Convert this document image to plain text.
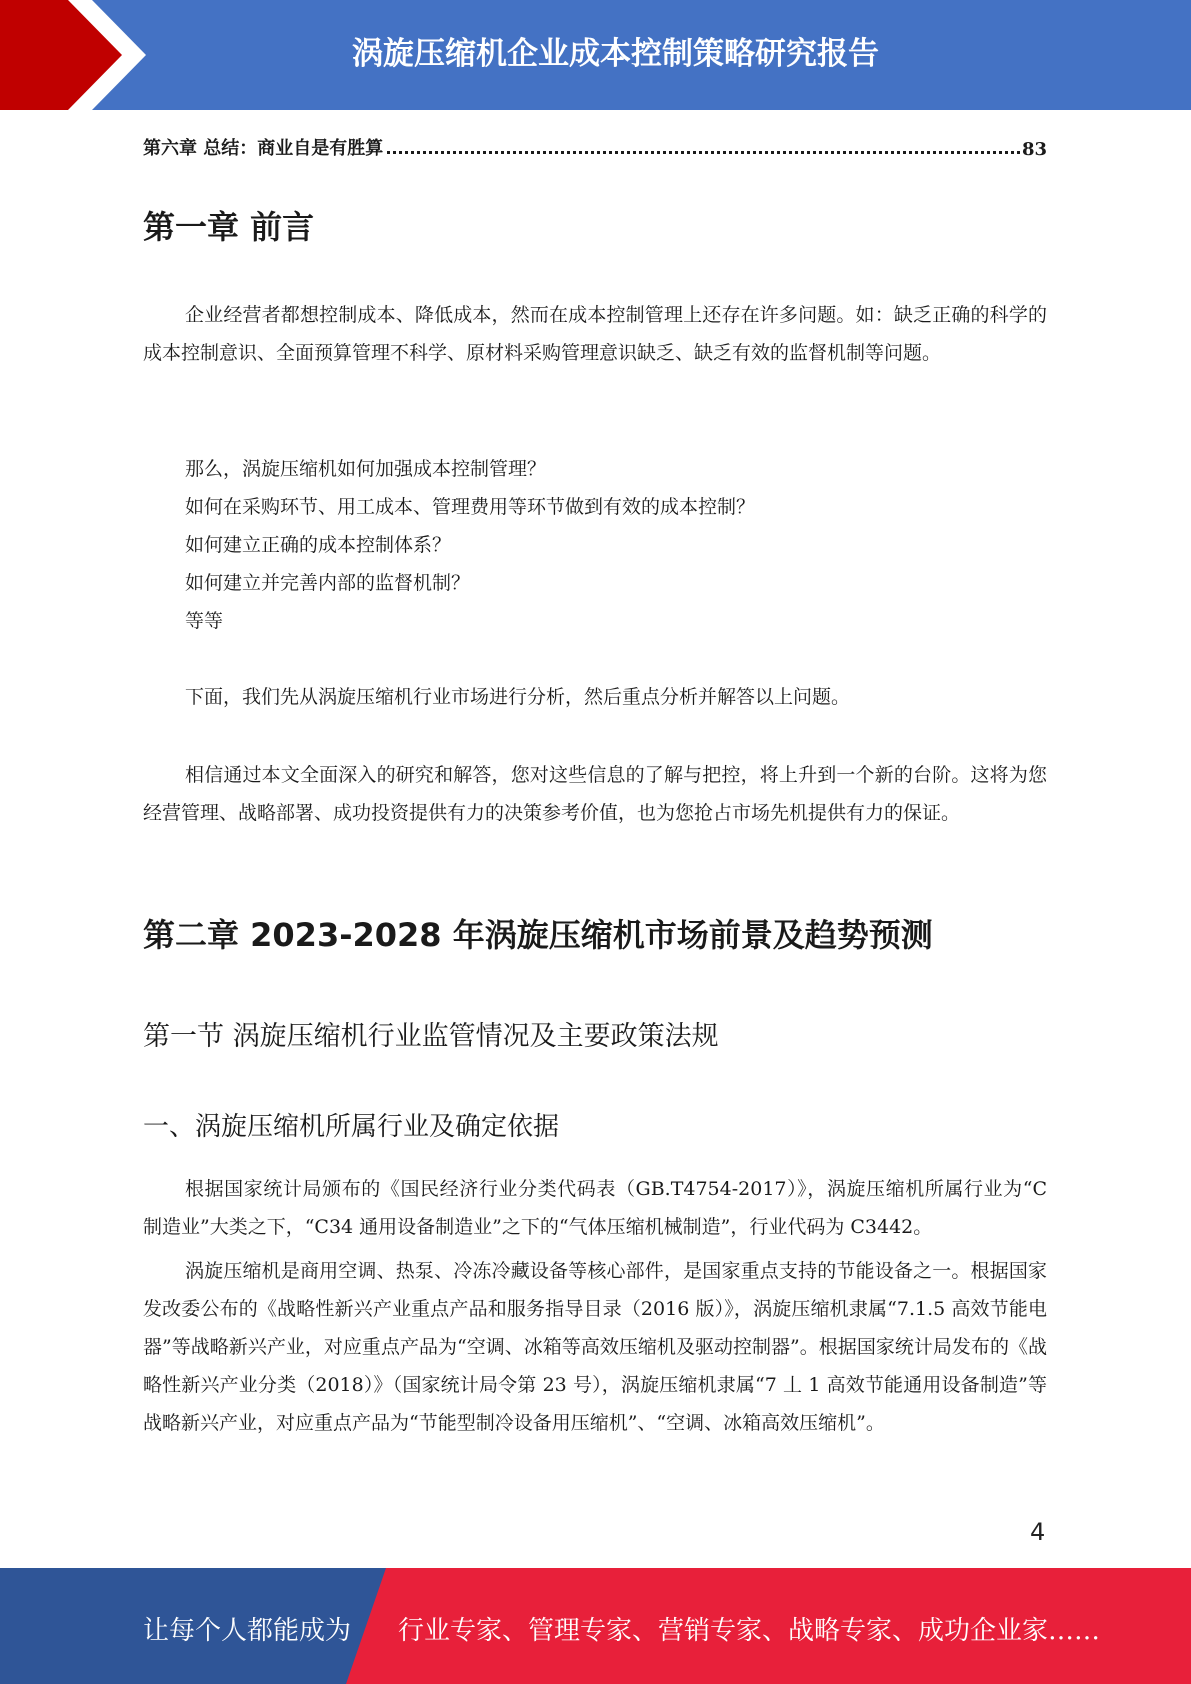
涡旋压缩机企业成本控制策略研究报告
第六章 总结：商业自是有胜算	83
第一章 前言
企业经营者都想控制成本、降低成本，然而在成本控制管理上还存在许多问题。如：缺乏正确的科学的成本控制意识、全面预算管理不科学、原材料采购管理意识缺乏、缺乏有效的监督机制等问题。
那么，涡旋压缩机如何加强成本控制管理？
如何在采购环节、用工成本、管理费用等环节做到有效的成本控制？
如何建立正确的成本控制体系？
如何建立并完善内部的监督机制？
等等
下面，我们先从涡旋压缩机行业市场进行分析，然后重点分析并解答以上问题。
相信通过本文全面深入的研究和解答，您对这些信息的了解与把控，将上升到一个新的台阶。这将为您经营管理、战略部署、成功投资提供有力的决策参考价值，也为您抢占市场先机提供有力的保证。
第二章 2023-2028 年涡旋压缩机市场前景及趋势预测
第一节 涡旋压缩机行业监管情况及主要政策法规
一、涡旋压缩机所属行业及确定依据
根据国家统计局颁布的《国民经济行业分类代码表（GB.T4754-2017）》，涡旋压缩机所属行业为“C 制造业”大类之下，“C34 通用设备制造业”之下的“气体压缩机械制造”，行业代码为 C3442。
涡旋压缩机是商用空调、热泵、冷冻冷藏设备等核心部件，是国家重点支持的节能设备之一。根据国家发改委公布的《战略性新兴产业重点产品和服务指导目录（2016 版）》，涡旋压缩机隶属“7.1.5 高效节能电器”等战略新兴产业，对应重点产品为“空调、冰箱等高效压缩机及驱动控制器”。根据国家统计局发布的《战略性新兴产业分类（2018）》（国家统计局令第 23 号），涡旋压缩机隶属“7 丄 1 高效节能通用设备制造”等战略新兴产业，对应重点产品为“节能型制冷设备用压缩机”、“空调、冰箱高效压缩机”。
4
让每个人都能成为 行业专家、管理专家、营销专家、战略专家、成功企业家……
